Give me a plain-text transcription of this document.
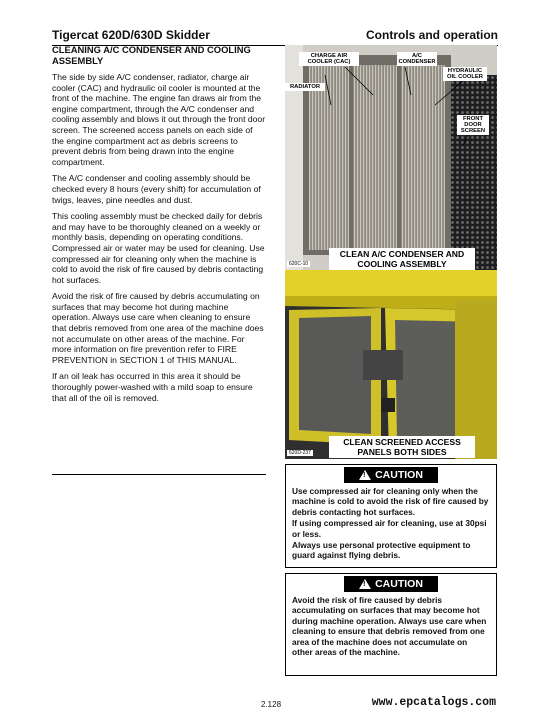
Tigercat 620D/630D Skidder	Controls and operation
CLEANING A/C CONDENSER AND COOLING ASSEMBLY

The side by side A/C condenser, radiator, charge air cooler (CAC) and hydraulic oil cooler is mounted at the front of the machine. The engine fan draws air from the engine compartment, through the A/C condenser and cooling assembly and blows it out through the front door screen. The screened access panels on each side of the engine compartment act as debris screens to prevent debris from being drawn into the engine compartment.

The A/C condenser and cooling assembly should be checked every 8 hours (every shift) for accumulation of twigs, leaves, pine needles and dust.

This cooling assembly must be checked daily for debris and may have to be thoroughly cleaned on a weekly or monthly basis, depending on operating conditions. Compressed air or water may be used for cleaning. Use compressed air for cleaning only when the machine is cold to avoid the risk of fire caused by debris contacting hot surfaces.

Avoid the risk of fire caused by debris accumulating on surfaces that may become hot during machine operation. Always use care when cleaning to ensure that debris removed from one area of the machine does not accumulate on other areas of the machine. For more information on fire prevention refer to FIRE PREVENTION in SECTION 1 of THIS MANUAL.

If an oil leak has occurred in this area it should be thoroughly power-washed with a mild soap to ensure that all of the oil is removed.

CHARGE AIR COOLER (CAC)
A/C CONDENSER
HYDRAULIC OIL COOLER
RADIATOR
FRONT DOOR SCREEN
CLEAN A/C CONDENSER AND COOLING ASSEMBLY
620C-10
CLEAN SCREENED ACCESS PANELS BOTH SIDES
620D-237
! CAUTION

Use compressed air for cleaning only when the machine is cold to avoid the risk of fire caused by debris contacting hot surfaces.

If using compressed air for cleaning, use at 30psi or less.

Always use personal protective equipment to guard against flying debris.

! CAUTION

Avoid the risk of fire caused by debris accumulating on surfaces that may become hot during machine operation. Always use care when cleaning to ensure that debris removed from one area of the machine does not accumulate on other areas of the machine.

2.128	www.epcatalogs.com
